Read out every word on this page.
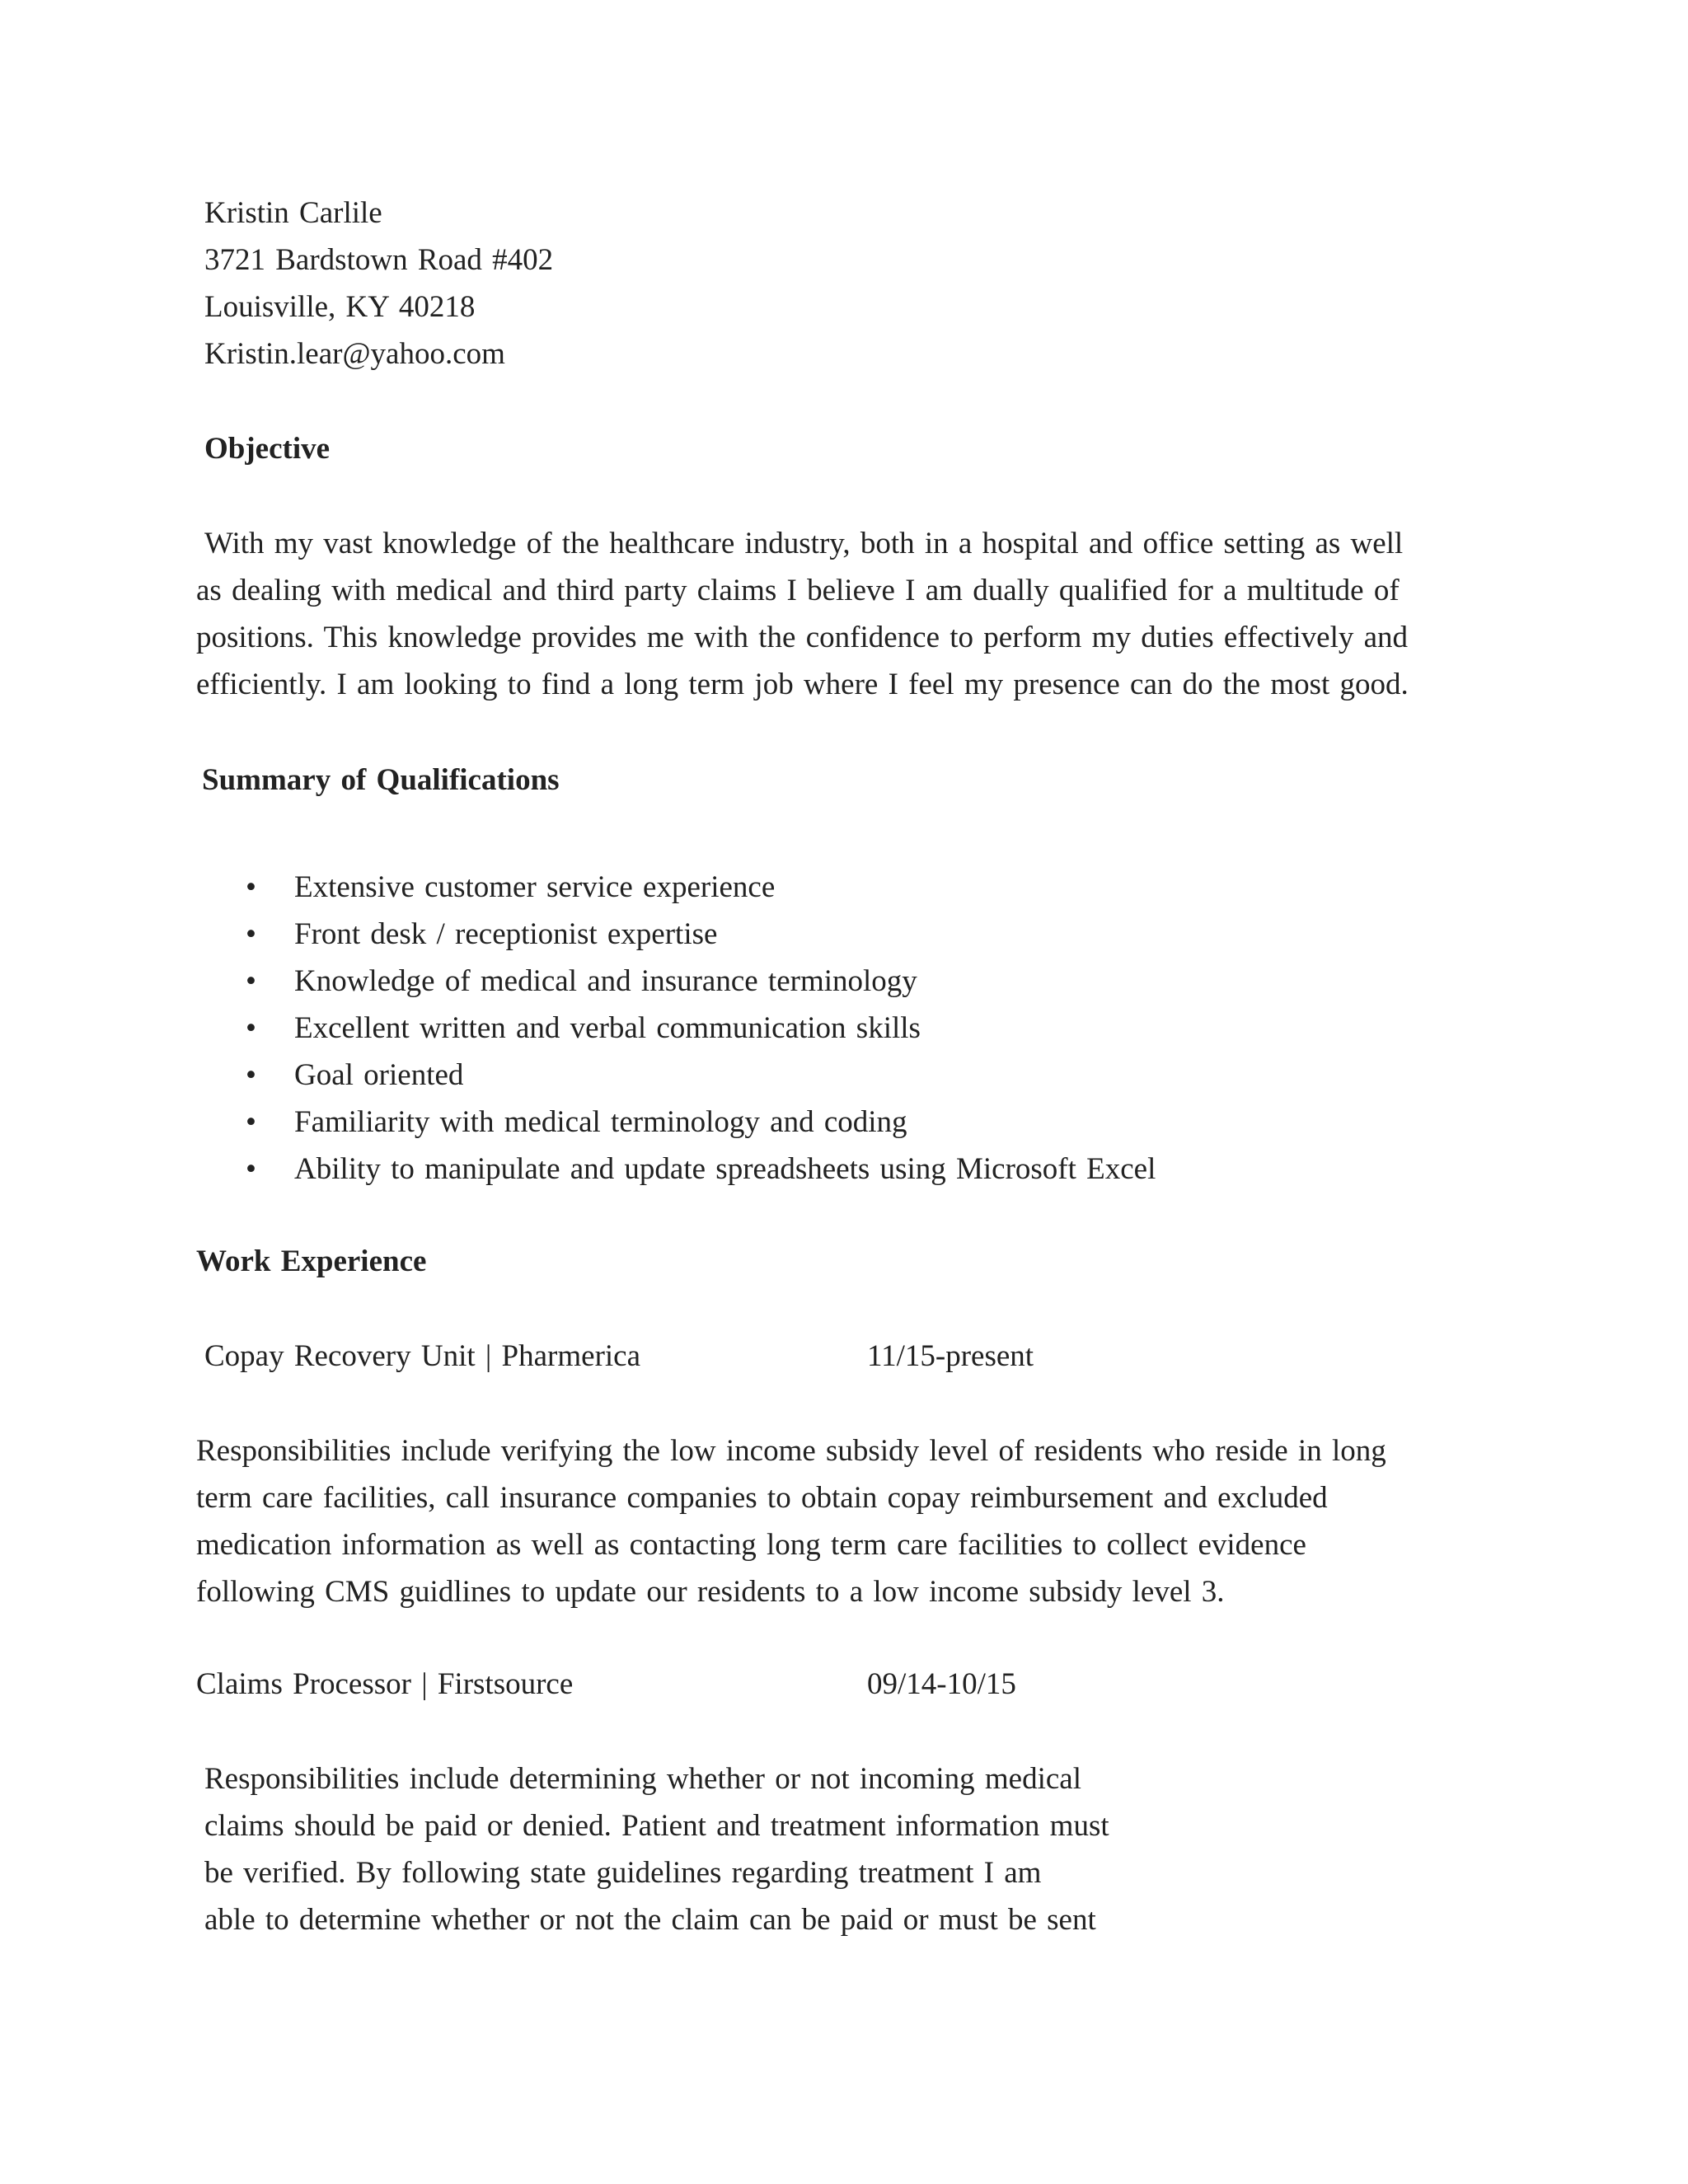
Kristin Carlile
3721 Bardstown Road #402
Louisville, KY 40218
Kristin.lear@yahoo.com
Objective
With my vast knowledge of the healthcare industry, both in a hospital and office setting as well
as dealing with medical and third party claims I believe I am dually qualified for a multitude of
positions. This knowledge provides me with the confidence to perform my duties effectively and
efficiently. I am looking to find a long term job where I feel my presence can do the most good.
Summary of Qualifications
• Extensive customer service experience
• Front desk / receptionist expertise
• Knowledge of medical and insurance terminology
• Excellent written and verbal communication skills
• Goal oriented
• Familiarity with medical terminology and coding
• Ability to manipulate and update spreadsheets using Microsoft Excel
Work Experience
Copay Recovery Unit | Pharmerica	11/15-present
Responsibilities include verifying the low income subsidy level of residents who reside in long
term care facilities, call insurance companies to obtain copay reimbursement and excluded
medication information as well as contacting long term care facilities to collect evidence
following CMS guidlines to update our residents to a low income subsidy level 3.
Claims Processor | Firstsource	09/14-10/15
Responsibilities include determining whether or not incoming medical
claims should be paid or denied. Patient and treatment information must
be verified. By following state guidelines regarding treatment I am
able to determine whether or not the claim can be paid or must be sent
